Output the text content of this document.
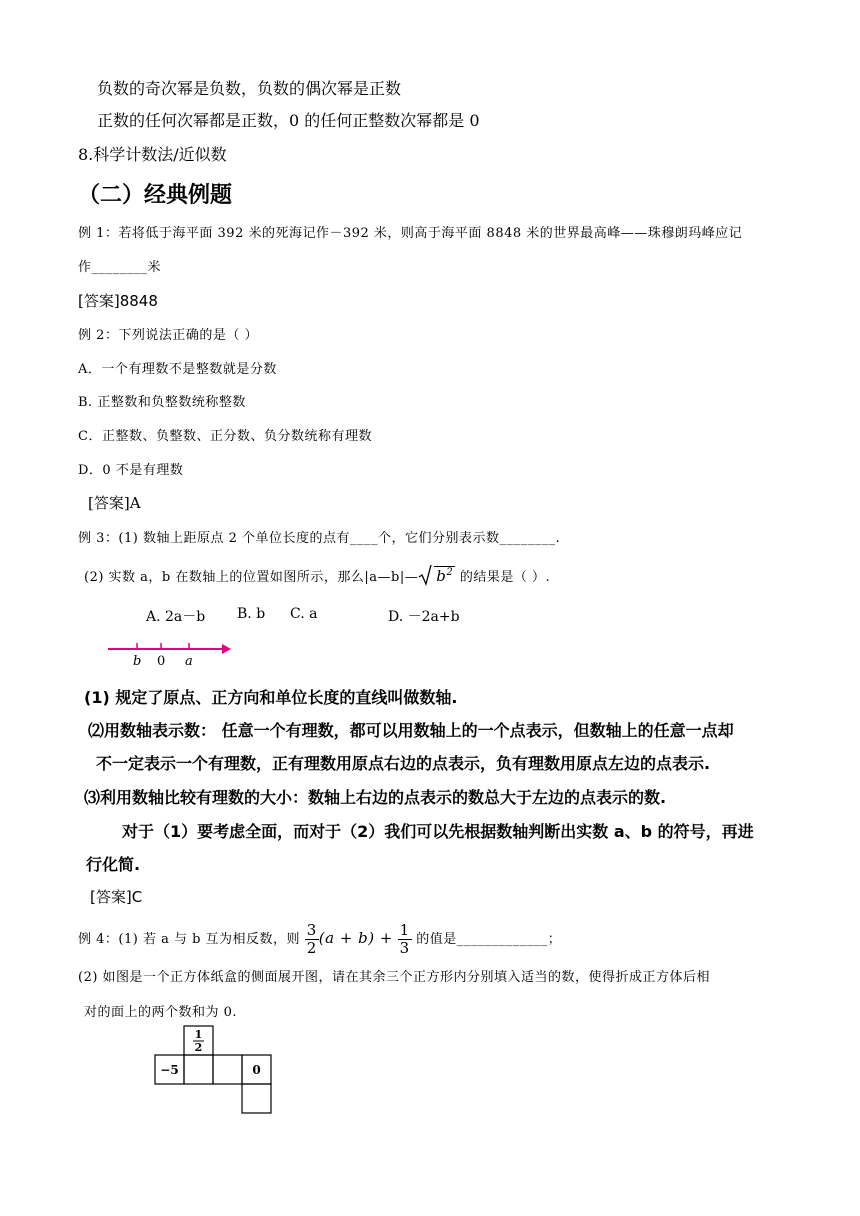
负数的奇次幂是负数，负数的偶次幂是正数
正数的任何次幂都是正数，0 的任何正整数次幂都是 0
8.科学计数法/近似数
（二）经典例题
例 1：若将低于海平面 392 米的死海记作－392 米，则高于海平面 8848 米的世界最高峰——珠穆朗玛峰应记
作________米
[答案]8848
例 2：下列说法正确的是（ ）
A．一个有理数不是整数就是分数
B. 正整数和负整数统称整数
C．正整数、负整数、正分数、负分数统称有理数
D．0 不是有理数
[答案]A
例 3：(1) 数轴上距原点 2 个单位长度的点有____个，它们分别表示数________.
(2) 实数 a，b 在数轴上的位置如图所示，那么|a—b|— $b^2$ 的结果是（ ）.
A. 2a－b B. b C. a	D. －2a+b
b 0 a
(1) 规定了原点、正方向和单位长度的直线叫做数轴.
⑵用数轴表示数： 任意一个有理数，都可以用数轴上的一个点表示，但数轴上的任意一点却
不一定表示一个有理数，正有理数用原点右边的点表示，负有理数用原点左边的点表示.
⑶利用数轴比较有理数的大小：数轴上右边的点表示的数总大于左边的点表示的数.
对于（1）要考虑全面，而对于（2）我们可以先根据数轴判断出实数 a、b 的符号，再进
行化简.
[答案]C
例 4：(1) 若 a 与 b 互为相反数，则 $\frac{3}{2} (a + b) + \frac{1}{3}$ 的值是_____________；
(2) 如图是一个正方体纸盒的侧面展开图，请在其余三个正方形内分别填入适当的数，使得折成正方体后相
对的面上的两个数和为 0.
1
2
−5	0
